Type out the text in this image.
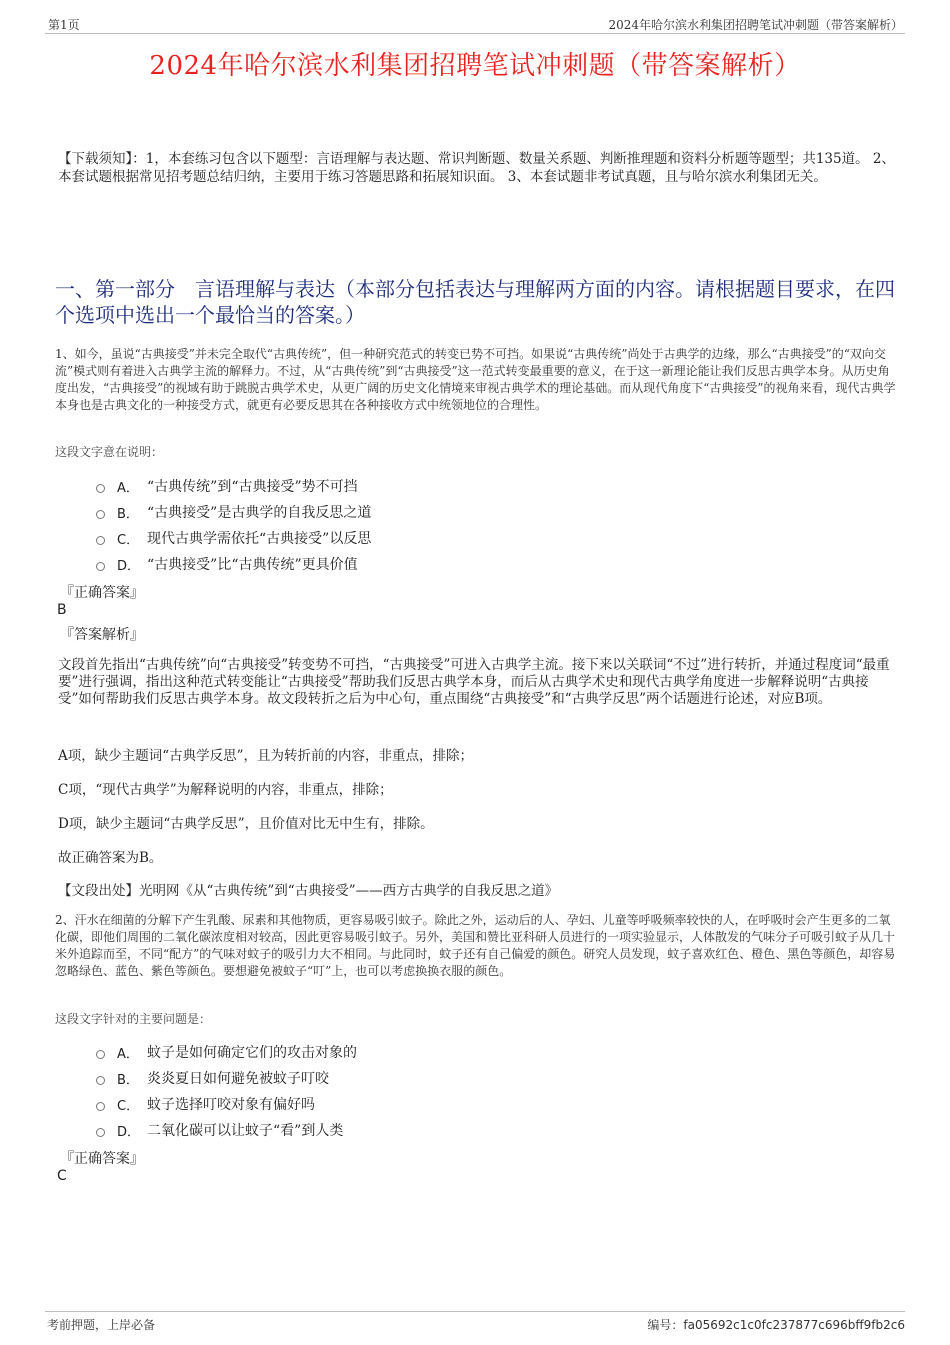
第1页	2024年哈尔滨水利集团招聘笔试冲刺题（带答案解析）
2024年哈尔滨水利集团招聘笔试冲刺题（带答案解析）
【下载须知】：1，本套练习包含以下题型：言语理解与表达题、常识判断题、数量关系题、判断推理题和资料分析题等题型；共135道。 2、本套试题根据常见招考题总结归纳，主要用于练习答题思路和拓展知识面。 3、本套试题非考试真题，且与哈尔滨水利集团无关。
一、第一部分　言语理解与表达（本部分包括表达与理解两方面的内容。请根据题目要求，在四个选项中选出一个最恰当的答案。）
1、如今，虽说“古典接受”并未完全取代“古典传统”，但一种研究范式的转变已势不可挡。如果说“古典传统”尚处于古典学的边缘，那么“古典接受”的“双向交流”模式则有着进入古典学主流的解释力。不过，从“古典传统”到“古典接受”这一范式转变最重要的意义，在于这一新理论能让我们反思古典学本身。从历史角度出发，“古典接受”的视域有助于跳脱古典学术史，从更广阔的历史文化情境来审视古典学术的理论基础。而从现代角度下“古典接受”的视角来看，现代古典学本身也是古典文化的一种接受方式，就更有必要反思其在各种接收方式中统领地位的合理性。
这段文字意在说明：
A． “古典传统”到“古典接受”势不可挡
B． “古典接受”是古典学的自我反思之道
C． 现代古典学需依托“古典接受”以反思
D． “古典接受”比“古典传统”更具价值
『正确答案』
B
『答案解析』
文段首先指出“古典传统”向“古典接受”转变势不可挡，“古典接受”可进入古典学主流。接下来以关联词“不过”进行转折，并通过程度词“最重要”进行强调，指出这种范式转变能让“古典接受”帮助我们反思古典学本身，而后从古典学术史和现代古典学角度进一步解释说明“古典接受”如何帮助我们反思古典学本身。故文段转折之后为中心句，重点围绕“古典接受”和“古典学反思”两个话题进行论述，对应B项。
A项，缺少主题词“古典学反思”，且为转折前的内容，非重点，排除；
C项，“现代古典学”为解释说明的内容，非重点，排除；
D项，缺少主题词“古典学反思”，且价值对比无中生有，排除。
故正确答案为B。
【文段出处】光明网《从“古典传统”到“古典接受”——西方古典学的自我反思之道》
2、汗水在细菌的分解下产生乳酸、尿素和其他物质，更容易吸引蚊子。除此之外，运动后的人、孕妇、儿童等呼吸频率较快的人，在呼吸时会产生更多的二氧化碳，即他们周围的二氧化碳浓度相对较高，因此更容易吸引蚊子。另外，美国和赞比亚科研人员进行的一项实验显示，人体散发的气味分子可吸引蚊子从几十米外追踪而至，不同“配方”的气味对蚊子的吸引力大不相同。与此同时，蚊子还有自己偏爱的颜色。研究人员发现，蚊子喜欢红色、橙色、黑色等颜色，却容易忽略绿色、蓝色、紫色等颜色。要想避免被蚊子“叮”上，也可以考虑换换衣服的颜色。
这段文字针对的主要问题是：
A． 蚊子是如何确定它们的攻击对象的
B． 炎炎夏日如何避免被蚊子叮咬
C． 蚊子选择叮咬对象有偏好吗
D． 二氧化碳可以让蚊子“看”到人类
『正确答案』
C
考前押题，上岸必备	编号：fa05692c1c0fc237877c696bff9fb2c6
